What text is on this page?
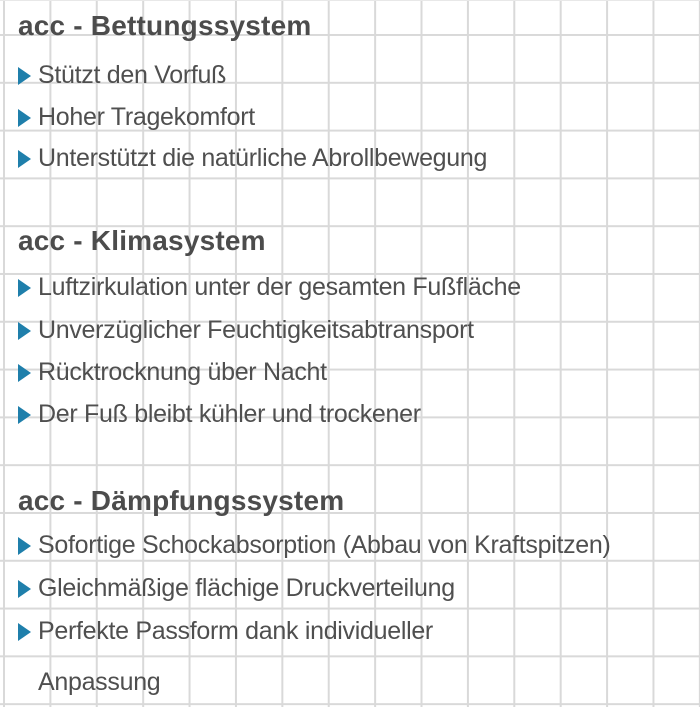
acc - Bettungssystem
Stützt den Vorfuß
Hoher Tragekomfort
Unterstützt die natürliche Abrollbewegung
acc - Klimasystem
Luftzirkulation unter der gesamten Fußfläche
Unverzüglicher Feuchtigkeitsabtransport
Rücktrocknung über Nacht
Der Fuß bleibt kühler und trockener
acc - Dämpfungssystem
Sofortige Schockabsorption (Abbau von Kraftspitzen)
Gleichmäßige flächige Druckverteilung
Perfekte Passform dank individueller
Anpassung
